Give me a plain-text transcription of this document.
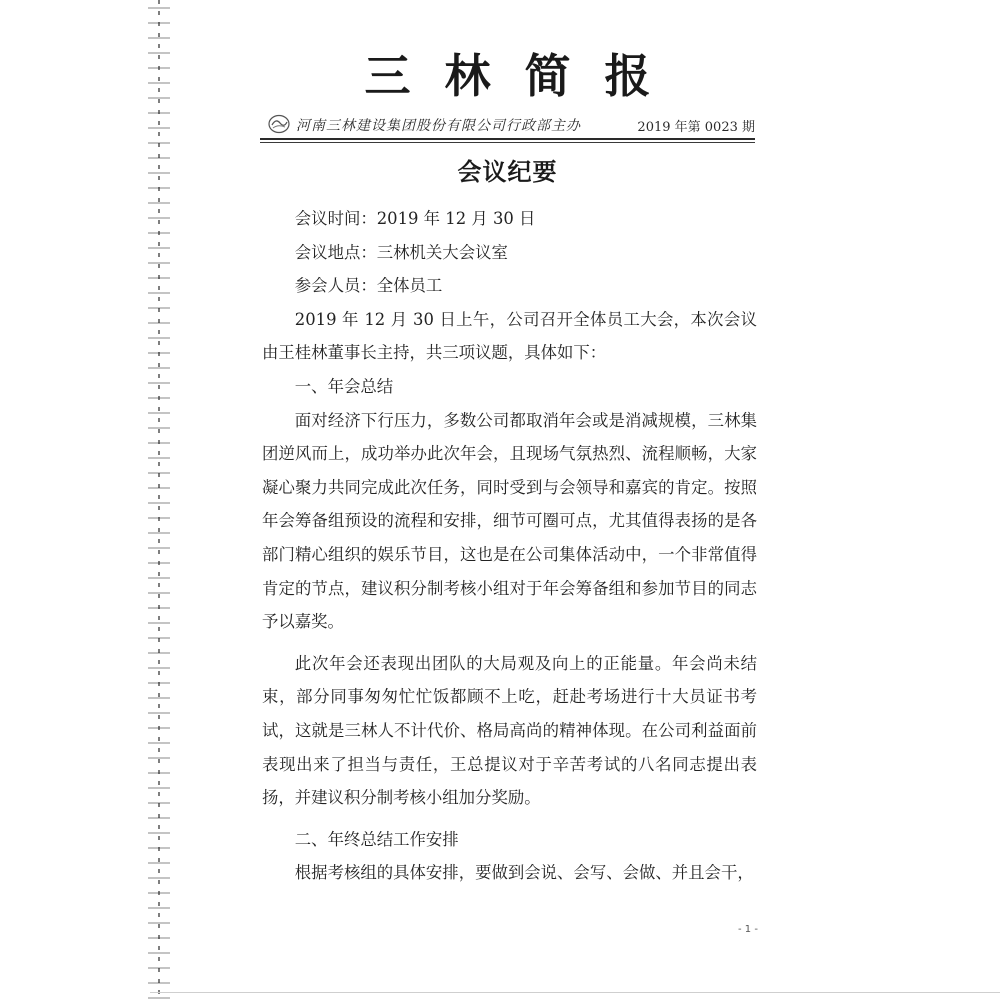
三林简报
河南三林建设集团股份有限公司行政部主办	2019 年第 0023 期
会议纪要

会议时间：2019 年 12 月 30 日

会议地点：三林机关大会议室

参会人员：全体员工

2019 年 12 月 30 日上午，公司召开全体员工大会，本次会议由王桂林董事长主持，共三项议题，具体如下：

一、年会总结

面对经济下行压力，多数公司都取消年会或是消减规模，三林集团逆风而上，成功举办此次年会，且现场气氛热烈、流程顺畅，大家凝心聚力共同完成此次任务，同时受到与会领导和嘉宾的肯定。按照年会筹备组预设的流程和安排，细节可圈可点，尤其值得表扬的是各部门精心组织的娱乐节目，这也是在公司集体活动中，一个非常值得肯定的节点，建议积分制考核小组对于年会筹备组和参加节目的同志予以嘉奖。

此次年会还表现出团队的大局观及向上的正能量。年会尚未结束，部分同事匆匆忙忙饭都顾不上吃，赶赴考场进行十大员证书考试，这就是三林人不计代价、格局高尚的精神体现。在公司利益面前表现出来了担当与责任，王总提议对于辛苦考试的八名同志提出表扬，并建议积分制考核小组加分奖励。

二、年终总结工作安排

根据考核组的具体安排，要做到会说、会写、会做、并且会干，

- 1 -
